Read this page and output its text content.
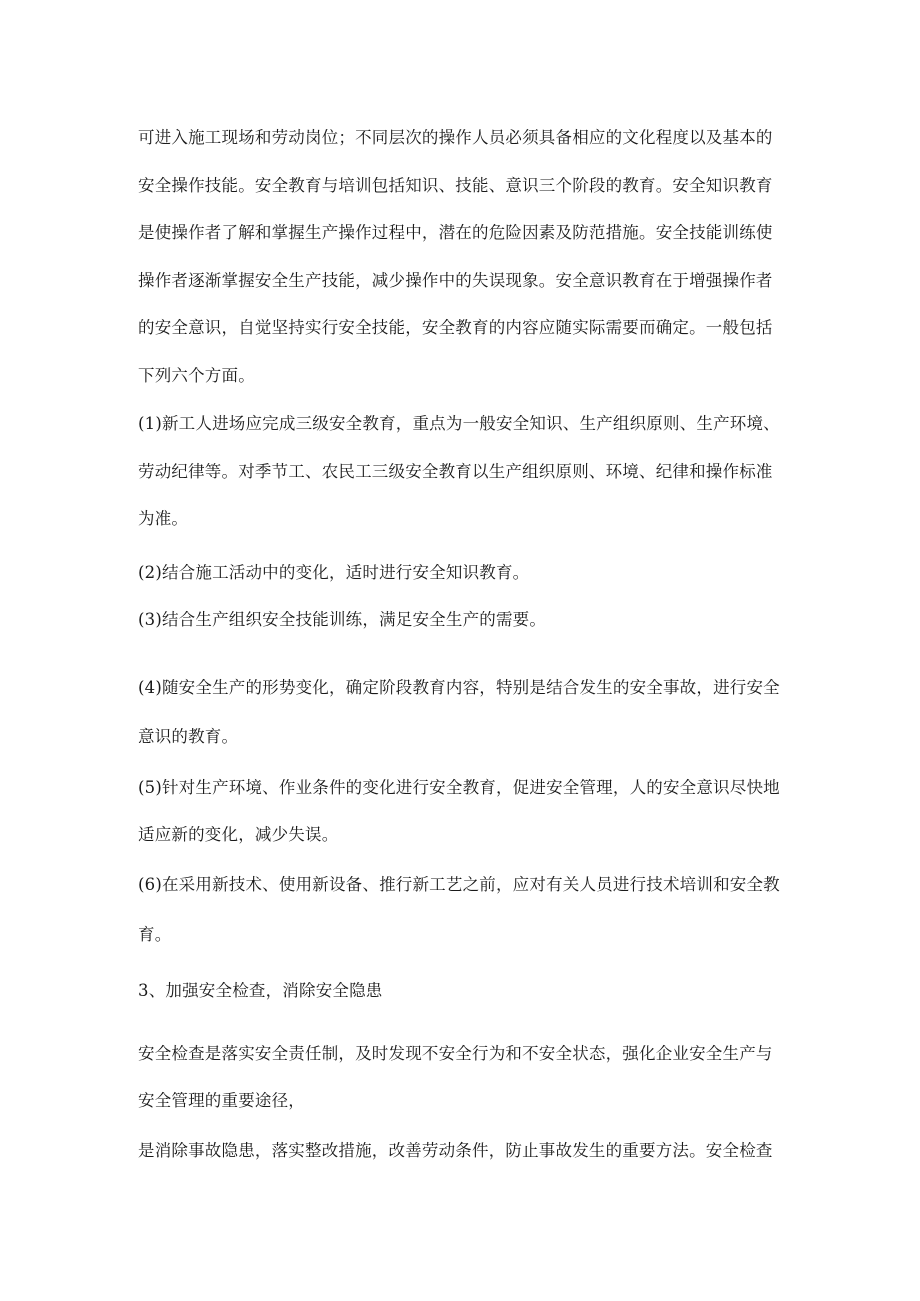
可进入施工现场和劳动岗位；不同层次的操作人员必须具备相应的文化程度以及基本的
安全操作技能。安全教育与培训包括知识、技能、意识三个阶段的教育。安全知识教育
是使操作者了解和掌握生产操作过程中，潜在的危险因素及防范措施。安全技能训练使
操作者逐渐掌握安全生产技能，减少操作中的失误现象。安全意识教育在于增强操作者
的安全意识，自觉坚持实行安全技能，安全教育的内容应随实际需要而确定。一般包括
下列六个方面。
(1)新工人进场应完成三级安全教育，重点为一般安全知识、生产组织原则、生产环境、
劳动纪律等。对季节工、农民工三级安全教育以生产组织原则、环境、纪律和操作标准
为准。
(2)结合施工活动中的变化，适时进行安全知识教育。
(3)结合生产组织安全技能训练，满足安全生产的需要。
(4)随安全生产的形势变化，确定阶段教育内容，特别是结合发生的安全事故，进行安全
意识的教育。
(5)针对生产环境、作业条件的变化进行安全教育，促进安全管理，人的安全意识尽快地
适应新的变化，减少失误。
(6)在采用新技术、使用新设备、推行新工艺之前，应对有关人员进行技术培训和安全教
育。
3、加强安全检查，消除安全隐患
安全检查是落实安全责任制，及时发现不安全行为和不安全状态，强化企业安全生产与
安全管理的重要途径，
是消除事故隐患，落实整改措施，改善劳动条件，防止事故发生的重要方法。安全检查
